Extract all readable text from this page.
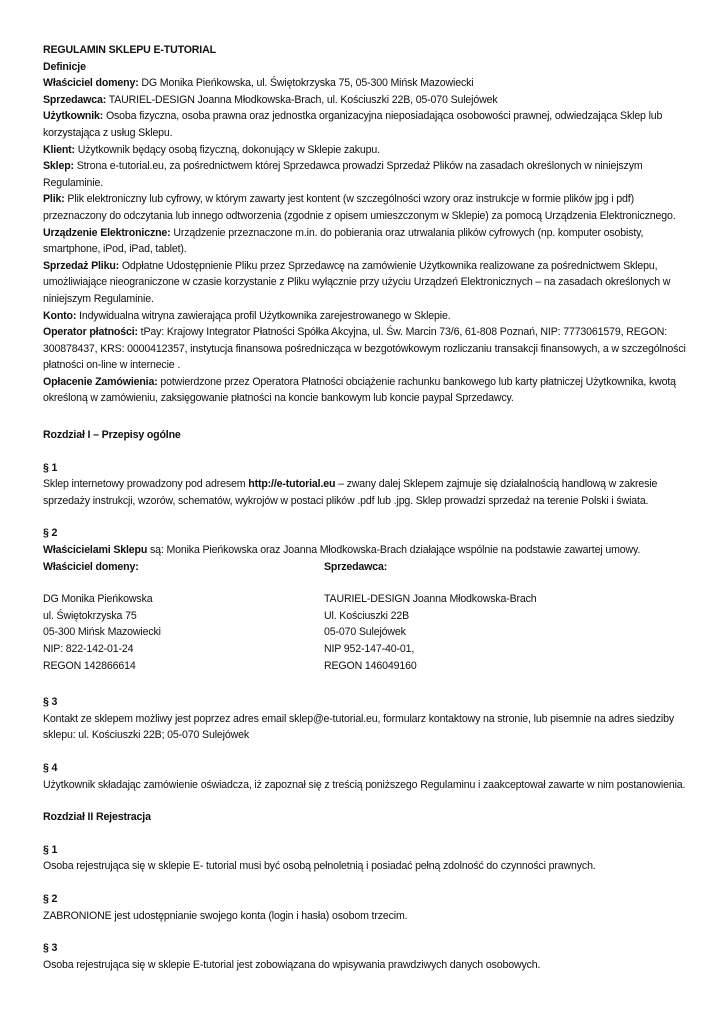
REGULAMIN SKLEPU E-TUTORIAL

Definicje

Właściciel domeny: DG Monika Pieńkowska, ul. Świętokrzyska 75, 05-300 Mińsk Mazowiecki

Sprzedawca: TAURIEL-DESIGN Joanna Młodkowska-Brach, ul. Kościuszki 22B, 05-070 Sulejówek

Użytkownik: Osoba fizyczna, osoba prawna oraz jednostka organizacyjna nieposiadająca osobowości prawnej, odwiedzająca Sklep lub korzystająca z usług Sklepu.

Klient: Użytkownik będący osobą fizyczną, dokonujący w Sklepie zakupu.

Sklep: Strona e-tutorial.eu, za pośrednictwem której Sprzedawca prowadzi Sprzedaż Plików na zasadach określonych w niniejszym Regulaminie.

Plik: Plik elektroniczny lub cyfrowy, w którym zawarty jest kontent (w szczególności wzory oraz instrukcje w formie plików jpg i pdf) przeznaczony do odczytania lub innego odtworzenia (zgodnie z opisem umieszczonym w Sklepie) za pomocą Urządzenia Elektronicznego.

Urządzenie Elektroniczne: Urządzenie przeznaczone m.in. do pobierania oraz utrwalania plików cyfrowych (np. komputer osobisty, smartphone, iPod, iPad, tablet).

Sprzedaż Pliku: Odpłatne Udostępnienie Pliku przez Sprzedawcę na zamówienie Użytkownika realizowane za pośrednictwem Sklepu, umożliwiające nieograniczone w czasie korzystanie z Pliku wyłącznie przy użyciu Urządzeń Elektronicznych – na zasadach określonych w niniejszym Regulaminie.

Konto: Indywidualna witryna zawierająca profil Użytkownika zarejestrowanego w Sklepie.

Operator płatności: tPay: Krajowy Integrator Płatności Spółka Akcyjna, ul. Św. Marcin 73/6, 61-808 Poznań, NIP: 7773061579, REGON: 300878437, KRS: 0000412357, instytucja finansowa pośrednicząca w bezgotówkowym rozliczaniu transakcji finansowych, a w szczególności płatności on-line w internecie .

Opłacenie Zamówienia: potwierdzone przez Operatora Płatności obciążenie rachunku bankowego lub karty płatniczej Użytkownika, kwotą określoną w zamówieniu, zaksięgowanie płatności na koncie bankowym lub koncie paypal Sprzedawcy.

Rozdział I – Przepisy ogólne

§ 1

Sklep internetowy prowadzony pod adresem http://e-tutorial.eu – zwany dalej Sklepem zajmuje się działalnością handlową w zakresie sprzedaży instrukcji, wzorów, schematów, wykrojów w postaci plików .pdf lub .jpg. Sklep prowadzi sprzedaż na terenie Polski i świata.

§ 2

Właścicielami Sklepu są: Monika Pieńkowska oraz Joanna Młodkowska-Brach działające wspólnie na podstawie zawartej umowy.

Właściciel domeny:

DG Monika Pieńkowska

ul. Świętokrzyska 75

05-300 Mińsk Mazowiecki

NIP: 822-142-01-24

REGON 142866614

Sprzedawca:

TAURIEL-DESIGN Joanna Młodkowska-Brach

Ul. Kościuszki 22B

05-070 Sulejówek

NIP 952-147-40-01,

REGON 146049160

§ 3

Kontakt ze sklepem możliwy jest poprzez adres email sklep@e-tutorial.eu, formularz kontaktowy na stronie, lub pisemnie na adres siedziby sklepu: ul. Kościuszki 22B; 05-070 Sulejówek

§ 4

Użytkownik składając zamówienie oświadcza, iż zapoznał się z treścią poniższego Regulaminu i zaakceptował zawarte w nim postanowienia.

Rozdział II Rejestracja

§ 1

Osoba rejestrująca się w sklepie E- tutorial musi być osobą pełnoletnią i posiadać pełną zdolność do czynności prawnych.

§ 2

ZABRONIONE jest udostępnianie swojego konta (login i hasła) osobom trzecim.

§ 3

Osoba rejestrująca się w sklepie E-tutorial jest zobowiązana do wpisywania prawdziwych danych osobowych.
